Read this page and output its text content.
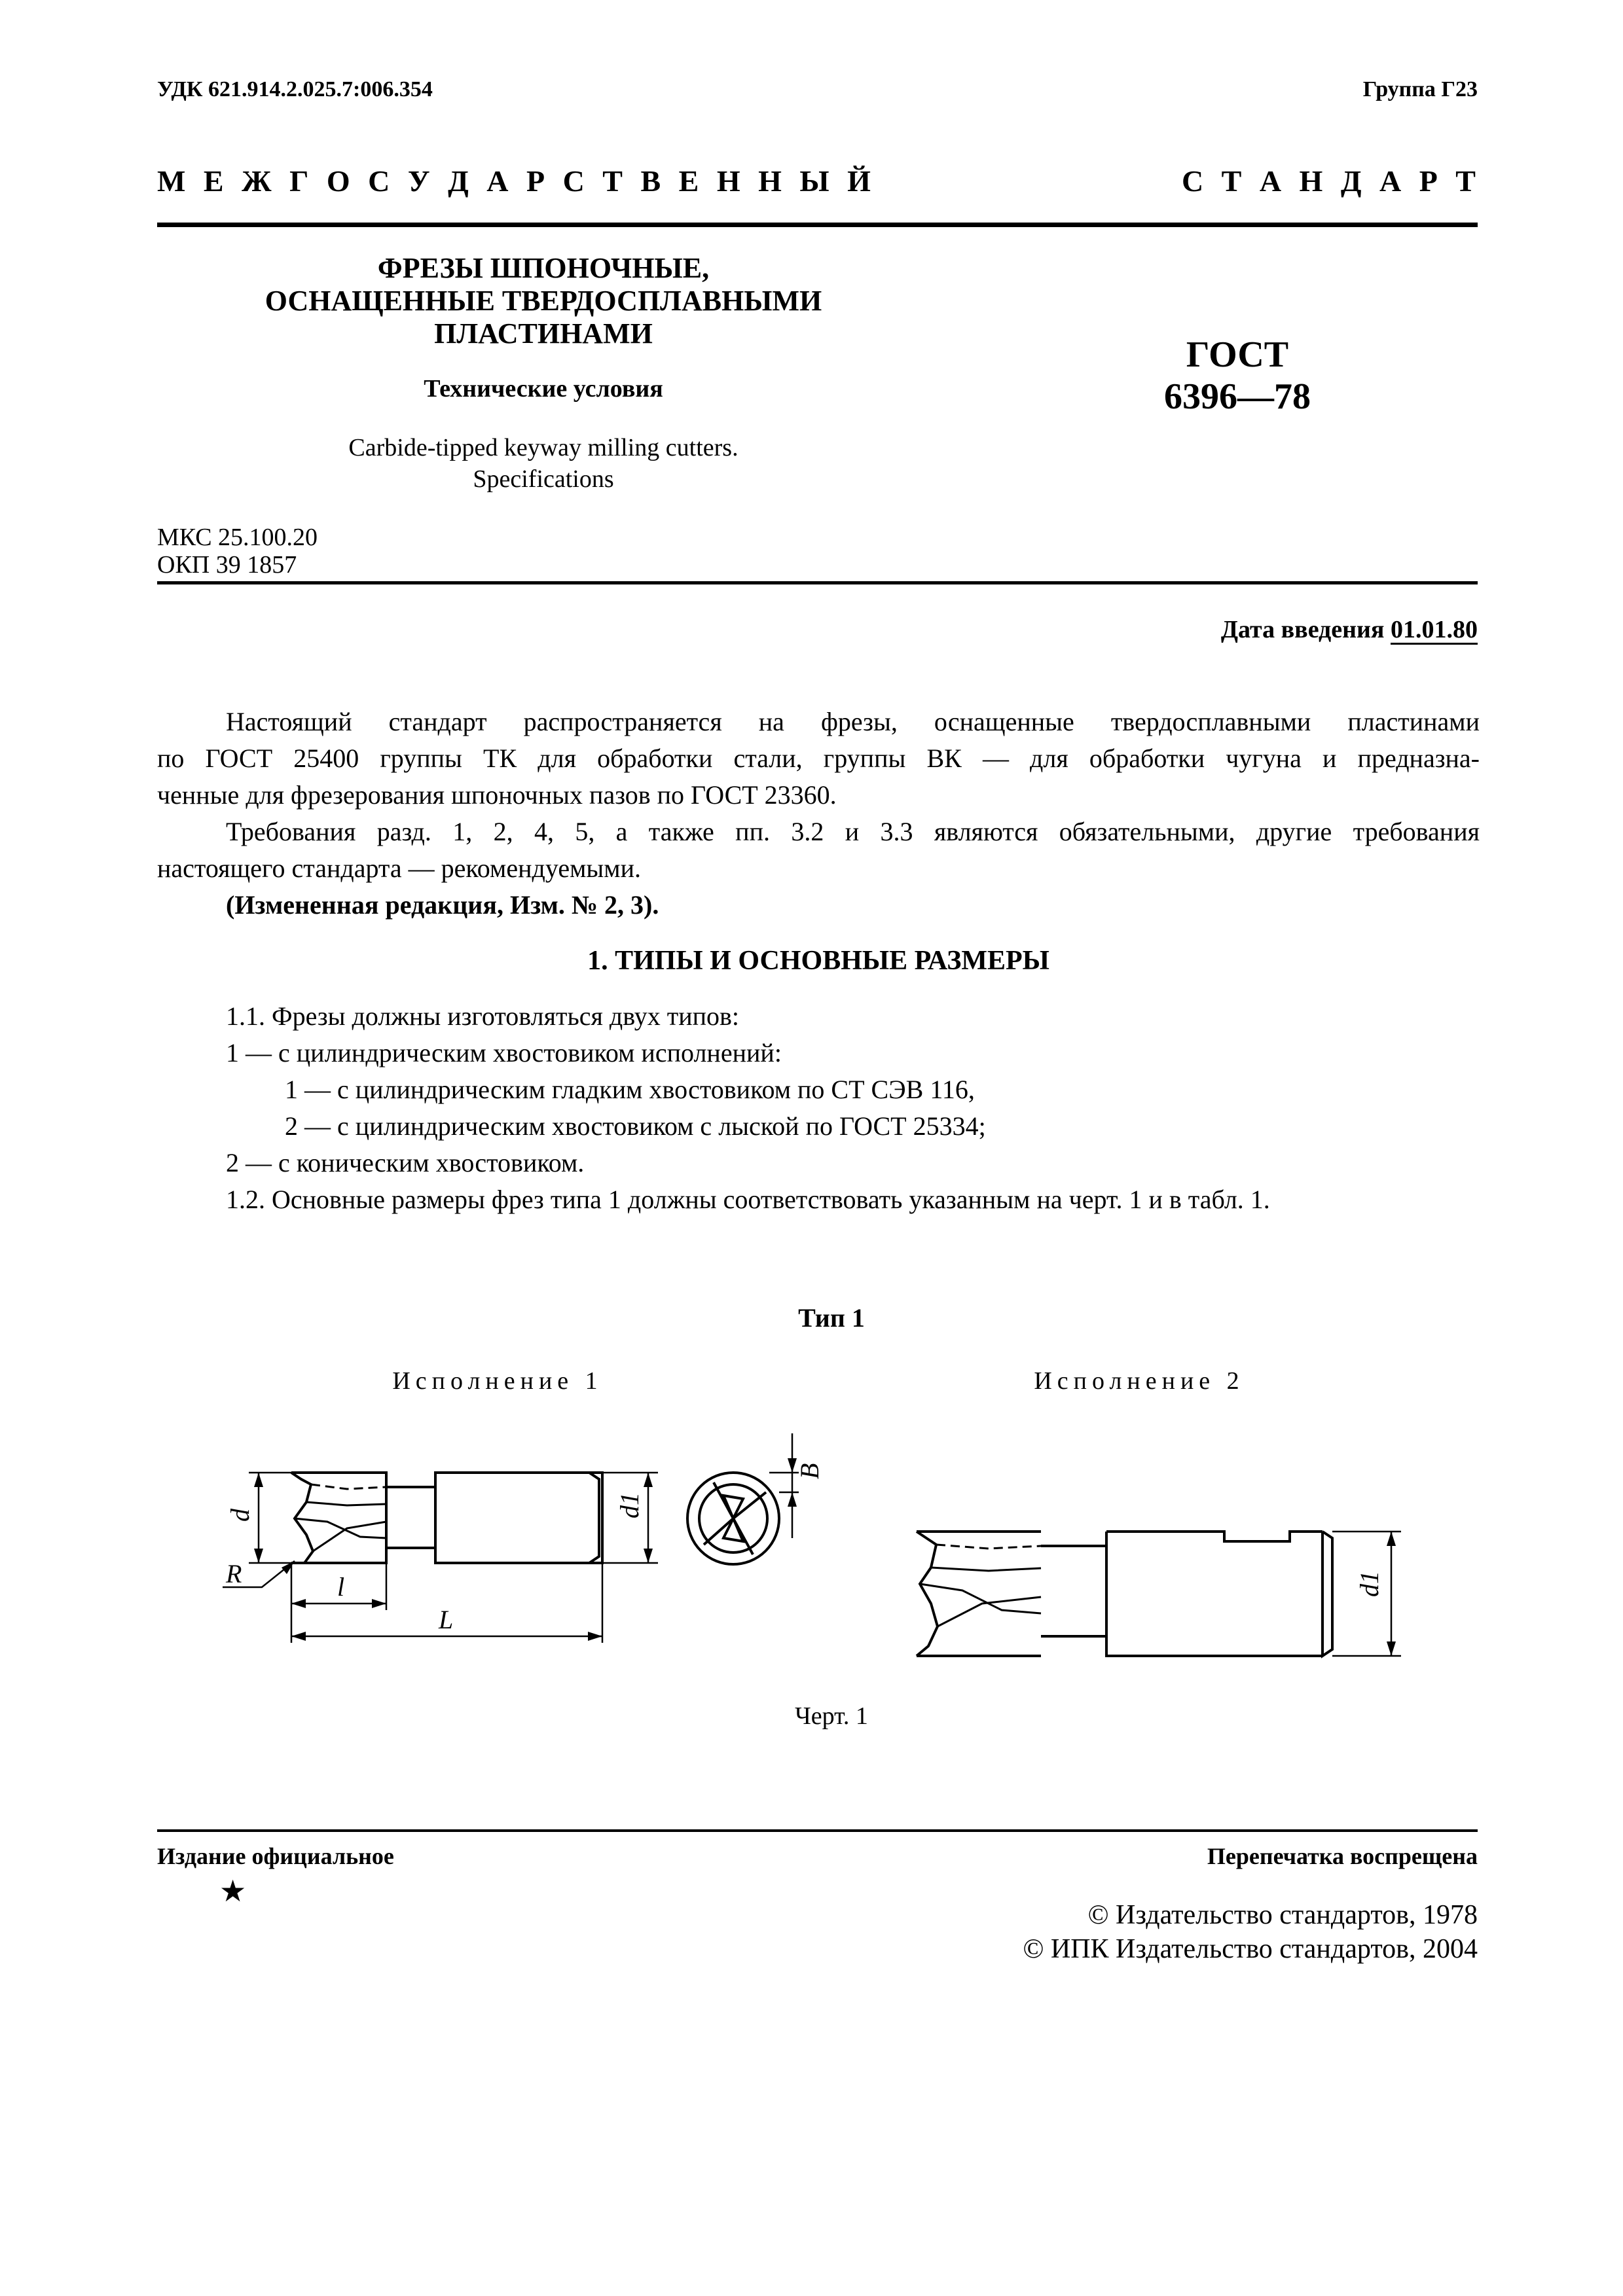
УДК 621.914.2.025.7:006.354	Группа Г23
М Е Ж Г О С У Д А Р С Т В Е Н Н Ы Й	С Т А Н Д А Р Т
ФРЕЗЫ ШПОНОЧНЫЕ,
ОСНАЩЕННЫЕ ТВЕРДОСПЛАВНЫМИ
ПЛАСТИНАМИ
Технические условия
Carbide-tipped keyway milling cutters.
Specifications
ГОСТ
6396—78
МКС 25.100.20
ОКП 39 1857
Дата введения 01.01.80
Настоящий стандарт распространяется на фрезы, оснащенные твердосплавными пластинами
по ГОСТ 25400 группы ТК для обработки стали, группы ВК — для обработки чугуна и предназна-
ченные для фрезерования шпоночных пазов по ГОСТ 23360.
Требования разд. 1, 2, 4, 5, а также пп. 3.2 и 3.3 являются обязательными, другие требования
настоящего стандарта — рекомендуемыми.
(Измененная редакция, Изм. № 2, 3).
1. ТИПЫ И ОСНОВНЫЕ РАЗМЕРЫ
1.1. Фрезы должны изготовляться двух типов:
1 — с цилиндрическим хвостовиком исполнений:
1 — с цилиндрическим гладким хвостовиком по СТ СЭВ 116,
2 — с цилиндрическим хвостовиком с лыской по ГОСТ 25334;
2 — с коническим хвостовиком.
1.2. Основные размеры фрез типа 1 должны соответствовать указанным на черт. 1 и в табл. 1.
Тип 1
Исполнение 1	Исполнение 2
d	d1
l
L
R
B
d1
Черт. 1
Издание официальное	Перепечатка воспрещена
★
© Издательство стандартов, 1978
© ИПК Издательство стандартов, 2004
